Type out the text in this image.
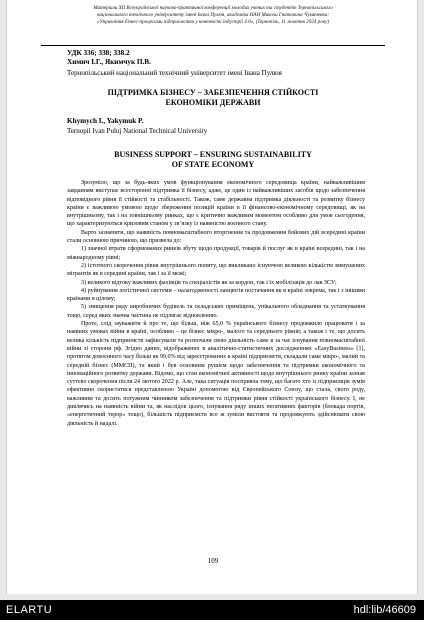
Матеріали XII Всеукраїнської науково-практичної конференції молодих учених та студентів Тернопільського

національного технічного університету імені Івана Пулюя, академіка НАН Миколи Гнатовича Чумаченка:

«Управління бізнес-процесами підприємства у контексті індустрії 4.0», (Тернопіль, 11 жовтня 2024 року)

УДК 336; 338; 338.2
Химич І.Г., Якимчук П.В.
Тернопільський національний технічний університет імені Івана Пулюя
ПІДТРИМКА БІЗНЕСУ – ЗАБЕЗПЕЧЕННЯ СТІЙКОСТІ
ЕКОНОМІКИ ДЕРЖАВИ
Khymych I., Yakymuk P.
Ternopil Ivan Puluj National Technical University
BUSINESS SUPPORT – ENSURING SUSTAINABILITY
OF STATE ECONOMY

Зрозуміло, що за будь-яких умов функціонування економічного середовища країни, найважливішим завданням виступає всесторонні підтримка її бізнесу, адже, це один із найважливіших засобів щодо забезпечення відповідного рівня її стійкості та стабільності. Також, саме державна підтримка діяльності та розвитку бізнесу країни є важливою умовою щодо збереження позицій країни в її фінансово-економічному середовищі, як на внутрішньому, так і на зовнішньому ринках, що є критично важливим моментом особливо для умов сьогодення, що характеризуються кризовим станом у зв’язку із наявністю воєнного стану.

Варто зазначити, що наявність повномасштабного вторгнення та продовження бойових дій всередині країни стали основною причиною, що призвела до:

1) значної втрати сформованих ринків збуту щодо продукції, товарів й послуг як в країні всередині, так і на міжнародному рівні;

2) істотного скорочення рівня внутрішнього попиту, що викликано існуючою великою кількістю вимушених мігрантів як в середині країни, так і за її межі;

3) великого відтоку важливих фахівців та спеціалістів як за кордон, так і їх мобілізація до лав ЗСУ;

4) руйнування логістичної системи – налагодженості ланцюгів постачання як в країні зокрема, так і з іншими країнами в цілому;

5) знищення ряду виробничих будівель та складських приміщень, унікального обладнання та устаткування тощо, серед яких значна частина не підлягає відновленню.

Проте, слід зауважити й про те, що більш, ніж 65,0 % українського бізнесу продовжило працювати і за наявних умовах війни в країні, особливо – це бізнес мікро-, малого та середнього рівнів; а також і те, що досить велика кількість підприємств зафіксували та розпочали свою діяльність саме в за час існування повномасштабної війни зі сторони рф. Згідно даних, відображених в аналітично-статистичних дослідженнях «EasyBusiness» [1], протягом довоєнного часу більш як 99,0% від зареєстрованих в країні підприємств, складали саме мікро-, малий та середній бізнес (ММСП), та який і був основним рушієм щодо забезпечення та підтримки економічного та інноваційного розвитку держави. Відомо, що стан економічної активності щодо внутрішнього ринку країни зазнав суттєво скорочення після 24 лютого 2022 р. Але, така ситуація посприяла тому, що багато хто із підприємців зумів ефективно скористатися представленою Україні допомогою від Європейського Союзу, що стала, свого роду, важливим та досить потужним чинником забезпечення та підтримки рівня стійкості українського бізнесу. І, не дивлячись на наявність війни та, як наслідок цього, існування ряду інших негативних факторів (блокада портів, «енергетичний терор» тощо), більшість підприємств все ж зуміли вистояти та продовжують здійснювати свою діяльність й надалі.

109
ELARTU	hdl:lib/46609
